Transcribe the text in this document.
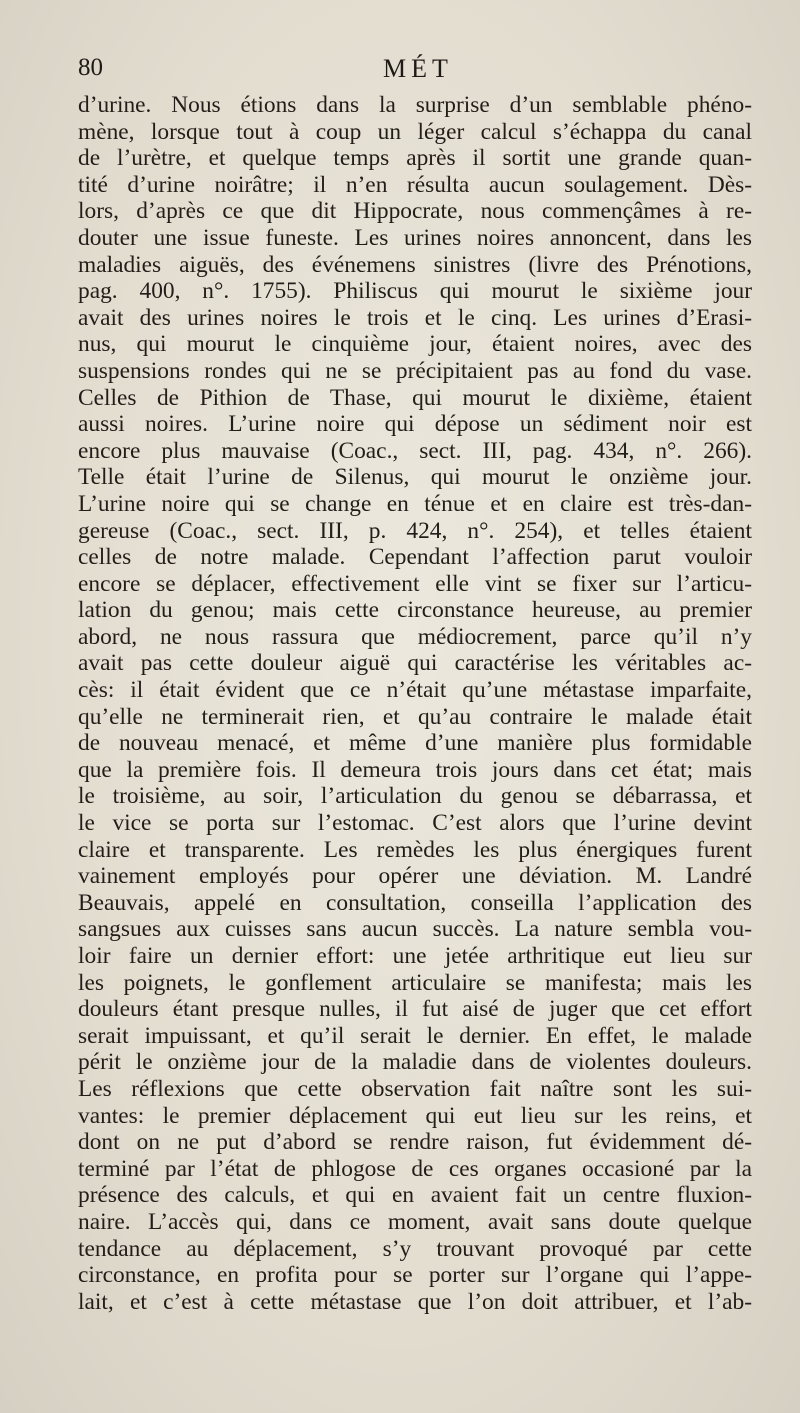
80	MÉT
d’urine. Nous étions dans la surprise d’un semblable phéno-
mène, lorsque tout à coup un léger calcul s’échappa du canal
de l’urètre, et quelque temps après il sortit une grande quan-
tité d’urine noirâtre; il n’en résulta aucun soulagement. Dès-
lors, d’après ce que dit Hippocrate, nous commençâmes à re-
douter une issue funeste. Les urines noires annoncent, dans les
maladies aiguës, des événemens sinistres (livre des Prénotions,
pag. 400, n°. 1755). Philiscus qui mourut le sixième jour
avait des urines noires le trois et le cinq. Les urines d’Erasi-
nus, qui mourut le cinquième jour, étaient noires, avec des
suspensions rondes qui ne se précipitaient pas au fond du vase.
Celles de Pithion de Thase, qui mourut le dixième, étaient
aussi noires. L’urine noire qui dépose un sédiment noir est
encore plus mauvaise (Coac., sect. III, pag. 434, n°. 266).
Telle était l’urine de Silenus, qui mourut le onzième jour.
L’urine noire qui se change en ténue et en claire est très-dan-
gereuse (Coac., sect. III, p. 424, n°. 254), et telles étaient
celles de notre malade. Cependant l’affection parut vouloir
encore se déplacer, effectivement elle vint se fixer sur l’articu-
lation du genou; mais cette circonstance heureuse, au premier
abord, ne nous rassura que médiocrement, parce qu’il n’y
avait pas cette douleur aiguë qui caractérise les véritables ac-
cès: il était évident que ce n’était qu’une métastase imparfaite,
qu’elle ne terminerait rien, et qu’au contraire le malade était
de nouveau menacé, et même d’une manière plus formidable
que la première fois. Il demeura trois jours dans cet état; mais
le troisième, au soir, l’articulation du genou se débarrassa, et
le vice se porta sur l’estomac. C’est alors que l’urine devint
claire et transparente. Les remèdes les plus énergiques furent
vainement employés pour opérer une déviation. M. Landré
Beauvais, appelé en consultation, conseilla l’application des
sangsues aux cuisses sans aucun succès. La nature sembla vou-
loir faire un dernier effort: une jetée arthritique eut lieu sur
les poignets, le gonflement articulaire se manifesta; mais les
douleurs étant presque nulles, il fut aisé de juger que cet effort
serait impuissant, et qu’il serait le dernier. En effet, le malade
périt le onzième jour de la maladie dans de violentes douleurs.
Les réflexions que cette observation fait naître sont les sui-
vantes: le premier déplacement qui eut lieu sur les reins, et
dont on ne put d’abord se rendre raison, fut évidemment dé-
terminé par l’état de phlogose de ces organes occasioné par la
présence des calculs, et qui en avaient fait un centre fluxion-
naire. L’accès qui, dans ce moment, avait sans doute quelque
tendance au déplacement, s’y trouvant provoqué par cette
circonstance, en profita pour se porter sur l’organe qui l’appe-
lait, et c’est à cette métastase que l’on doit attribuer, et l’ab-
